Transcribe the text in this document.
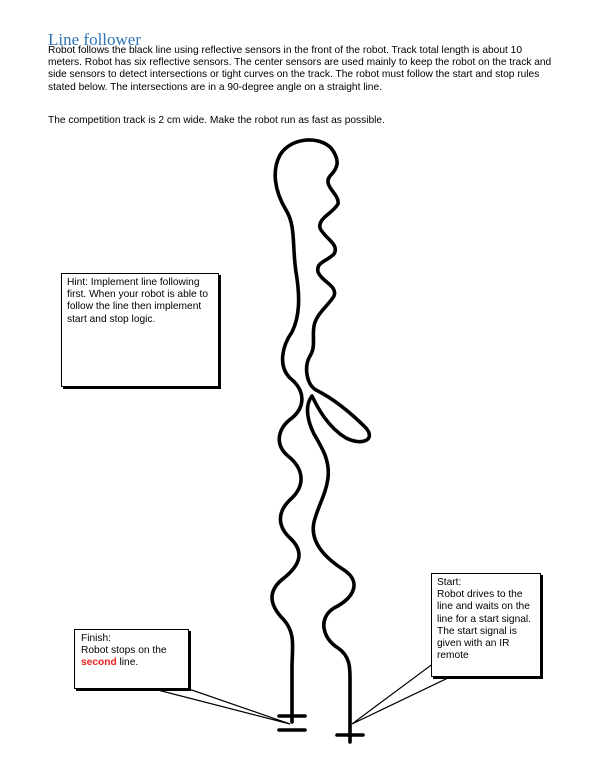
Line follower

Robot follows the black line using reflective sensors in the front of the robot. Track total length is about 10 meters. Robot has six reflective sensors. The center sensors are used mainly to keep the robot on the track and side sensors to detect intersections or tight curves on the track. The robot must follow the start and stop rules stated below. The intersections are in a 90-degree angle on a straight line.

The competition track is 2 cm wide. Make the robot run as fast as possible.

Hint: Implement line following first. When your robot is able to follow the line then implement start and stop logic.
Start:
Robot drives to the line and waits on the line for a start signal. The start signal is given with an IR remote
Finish:
Robot stops on the second line.
